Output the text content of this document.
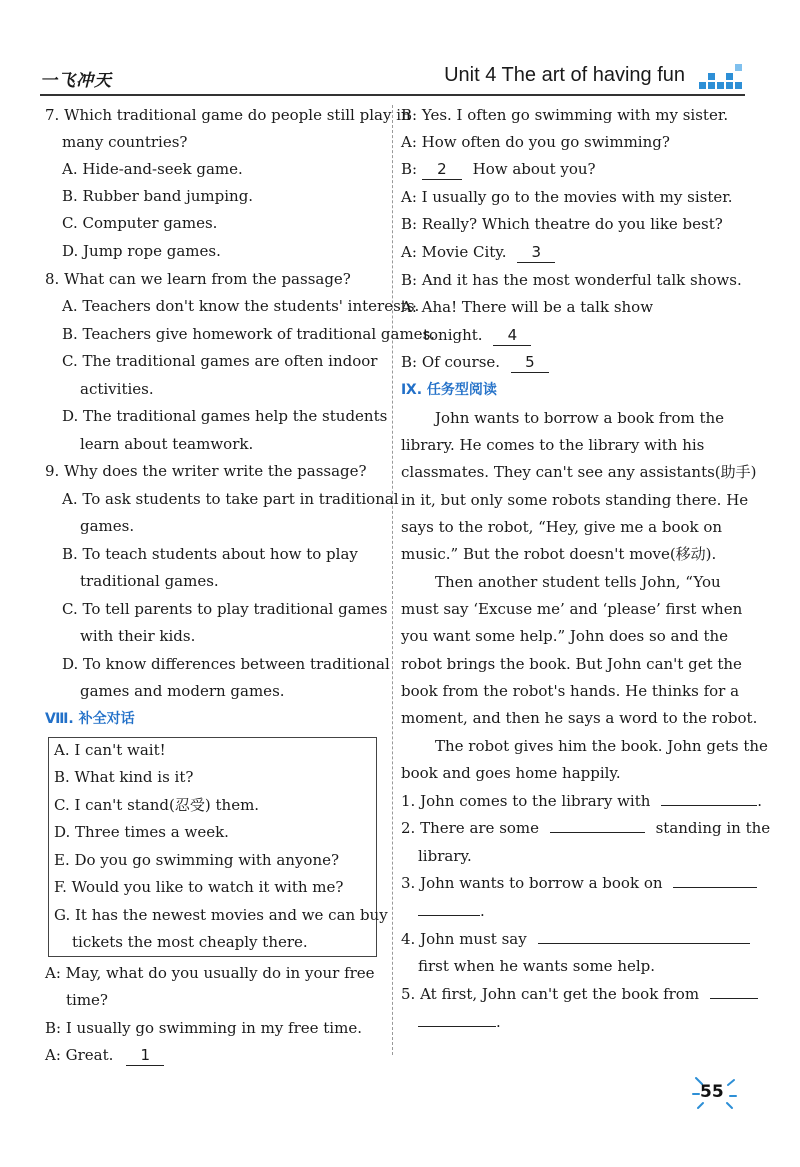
一飞冲天	Unit 4 The art of having fun
7. Which traditional game do people still play in
many countries?
A. Hide-and-seek game.
B. Rubber band jumping.
C. Computer games.
D. Jump rope games.
8. What can we learn from the passage?
A. Teachers don't know the students' interests.
B. Teachers give homework of traditional games.
C. The traditional games are often indoor
activities.
D. The traditional games help the students
learn about teamwork.
9. Why does the writer write the passage?
A. To ask students to take part in traditional
games.
B. To teach students about how to play
traditional games.
C. To tell parents to play traditional games
with their kids.
D. To know differences between traditional
games and modern games.
Ⅷ. 补全对话
A. I can't wait!
B. What kind is it?
C. I can't stand(忍受) them.
D. Three times a week.
E. Do you go swimming with anyone?
F. Would you like to watch it with me?
G. It has the newest movies and we can buy
tickets the most cheaply there.
A: May, what do you usually do in your free
time?
B: I usually go swimming in my free time.
A: Great. 1
B: Yes. I often go swimming with my sister.
A: How often do you go swimming?
B: 2 How about you?
A: I usually go to the movies with my sister.
B: Really? Which theatre do you like best?
A: Movie City. 3
B: And it has the most wonderful talk shows.
A: Aha! There will be a talk show
tonight. 4
B: Of course. 5
Ⅸ. 任务型阅读
John wants to borrow a book from the
library. He comes to the library with his
classmates. They can't see any assistants(助手)
in it, but only some robots standing there. He
says to the robot, “Hey, give me a book on
music.” But the robot doesn't move(移动).
Then another student tells John, “You
must say ‘Excuse me’ and ‘please’ first when
you want some help.” John does so and the
robot brings the book. But John can't get the
book from the robot's hands. He thinks for a
moment, and then he says a word to the robot.
The robot gives him the book. John gets the
book and goes home happily.
1. John comes to the library with	.
2. There are some	standing in the
library.
3. John wants to borrow a book on
.
4. John must say
first when he wants some help.
5. At first, John can't get the book from
.
55
